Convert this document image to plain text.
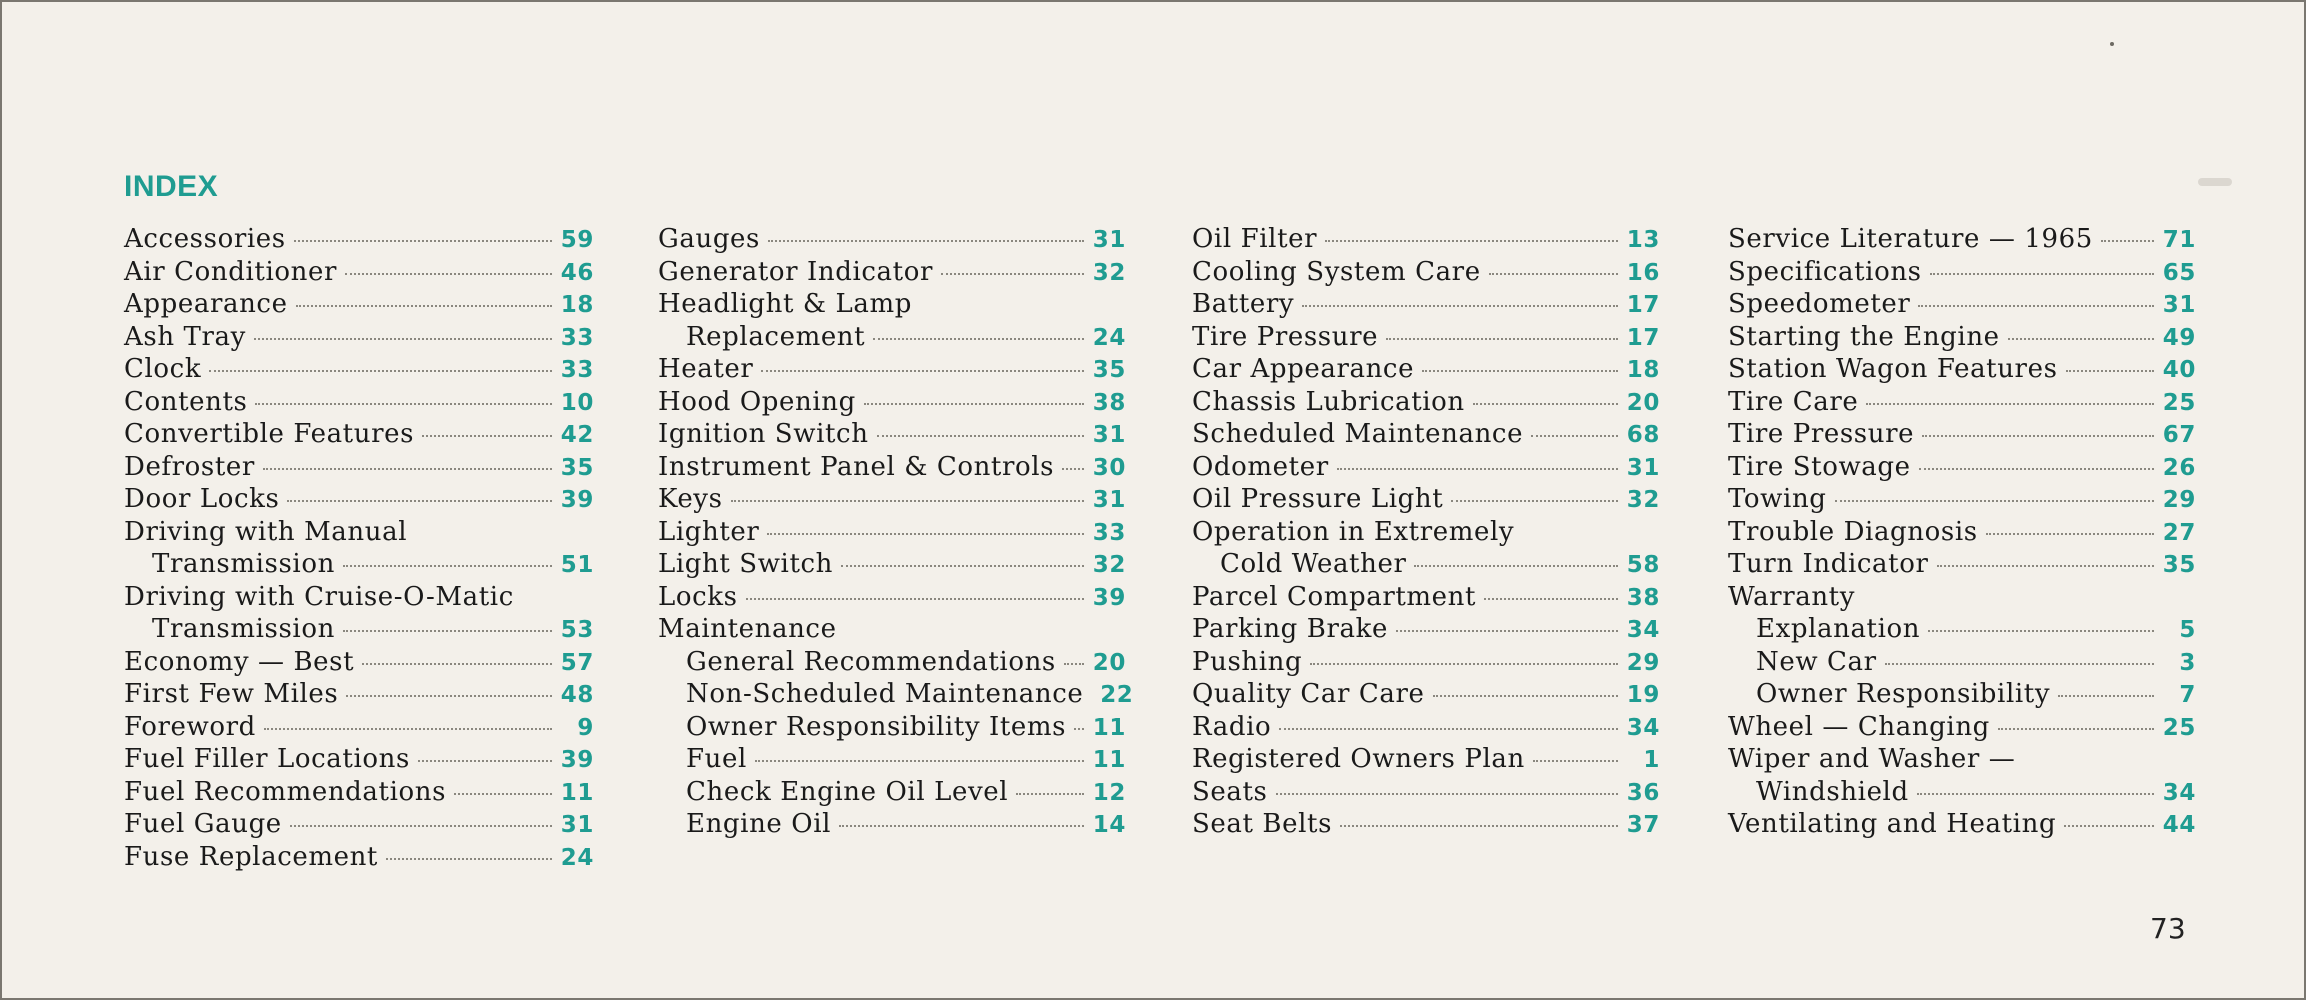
INDEX
Accessories	59
Air Conditioner	46
Appearance	18
Ash Tray	33
Clock	33
Contents	10
Convertible Features	42
Defroster	35
Door Locks	39
Driving with Manual
Transmission	51
Driving with Cruise-O-Matic
Transmission	53
Economy — Best	57
First Few Miles	48
Foreword	9
Fuel Filler Locations	39
Fuel Recommendations	11
Fuel Gauge	31
Fuse Replacement	24
Gauges	31
Generator Indicator	32
Headlight & Lamp
Replacement	24
Heater	35
Hood Opening	38
Ignition Switch	31
Instrument Panel & Controls 30
Keys	31
Lighter	33
Light Switch	32
Locks	39
Maintenance
General Recommendations 20
Non-Scheduled Maintenance 22
Owner Responsibility Items 11
Fuel	11
Check Engine Oil Level	12
Engine Oil	14
Oil Filter	13
Cooling System Care	16
Battery	17
Tire Pressure	17
Car Appearance	18
Chassis Lubrication	20
Scheduled Maintenance	68
Odometer	31
Oil Pressure Light	32
Operation in Extremely
Cold Weather	58
Parcel Compartment	38
Parking Brake	34
Pushing	29
Quality Car Care	19
Radio	34
Registered Owners Plan	1
Seats	36
Seat Belts	37
Service Literature — 1965	71
Specifications	65
Speedometer	31
Starting the Engine	49
Station Wagon Features	40
Tire Care	25
Tire Pressure	67
Tire Stowage	26
Towing	29
Trouble Diagnosis	27
Turn Indicator	35
Warranty
Explanation	5
New Car	3
Owner Responsibility	7
Wheel — Changing	25
Wiper and Washer —
Windshield	34
Ventilating and Heating	44
73
